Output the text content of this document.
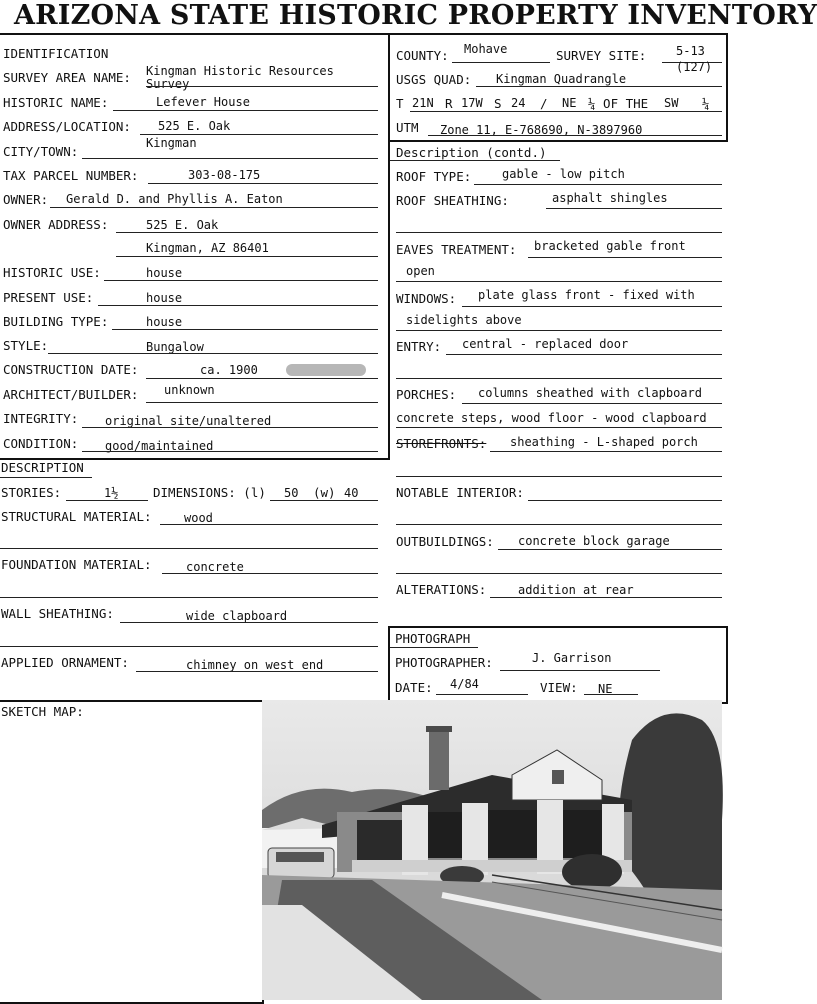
ARIZONA STATE HISTORIC PROPERTY INVENTORY
IDENTIFICATION
SURVEY AREA NAME: Kingman Historic Resources Survey
HISTORIC NAME:	Lefever House
ADDRESS/LOCATION: 525 E. Oak
CITY/TOWN:
Kingman
TAX PARCEL NUMBER:	303-08-175
OWNER: Gerald D. and Phyllis A. Eaton
OWNER ADDRESS:	525 E. Oak
Kingman, AZ 86401
HISTORIC USE:	house
PRESENT USE:	house
BUILDING TYPE:	house
STYLE:	Bungalow
CONSTRUCTION DATE:	ca. 1900
ARCHITECT/BUILDER: unknown
INTEGRITY: original site/unaltered
CONDITION: good/maintained
DESCRIPTION
STORIES:	1½	DIMENSIONS: (l) 50 (w) 40
STRUCTURAL MATERIAL:	wood
FOUNDATION MATERIAL:	concrete
WALL SHEATHING:	wide clapboard
APPLIED ORNAMENT:	chimney on west end
COUNTY: Mohave	SURVEY SITE: 5-13
(127)
USGS QUAD: Kingman Quadrangle
T 21N R 17W S 24 / NE ¼ OF THE SW ¼
UTM Zone 11, E-768690, N-3897960
Description (contd.)
ROOF TYPE:	gable - low pitch
ROOF SHEATHING:	asphalt shingles
EAVES TREATMENT: bracketed gable front
open
WINDOWS: plate glass front - fixed with
sidelights above
ENTRY: central - replaced door
PORCHES: columns sheathed with clapboard
concrete steps, wood floor - wood clapboard
STOREFRONTS: sheathing - L-shaped porch
NOTABLE INTERIOR:
OUTBUILDINGS: concrete block garage
ALTERATIONS:	addition at rear
PHOTOGRAPH
PHOTOGRAPHER:	J. Garrison
DATE: 4/84	VIEW: NE
SKETCH MAP:
